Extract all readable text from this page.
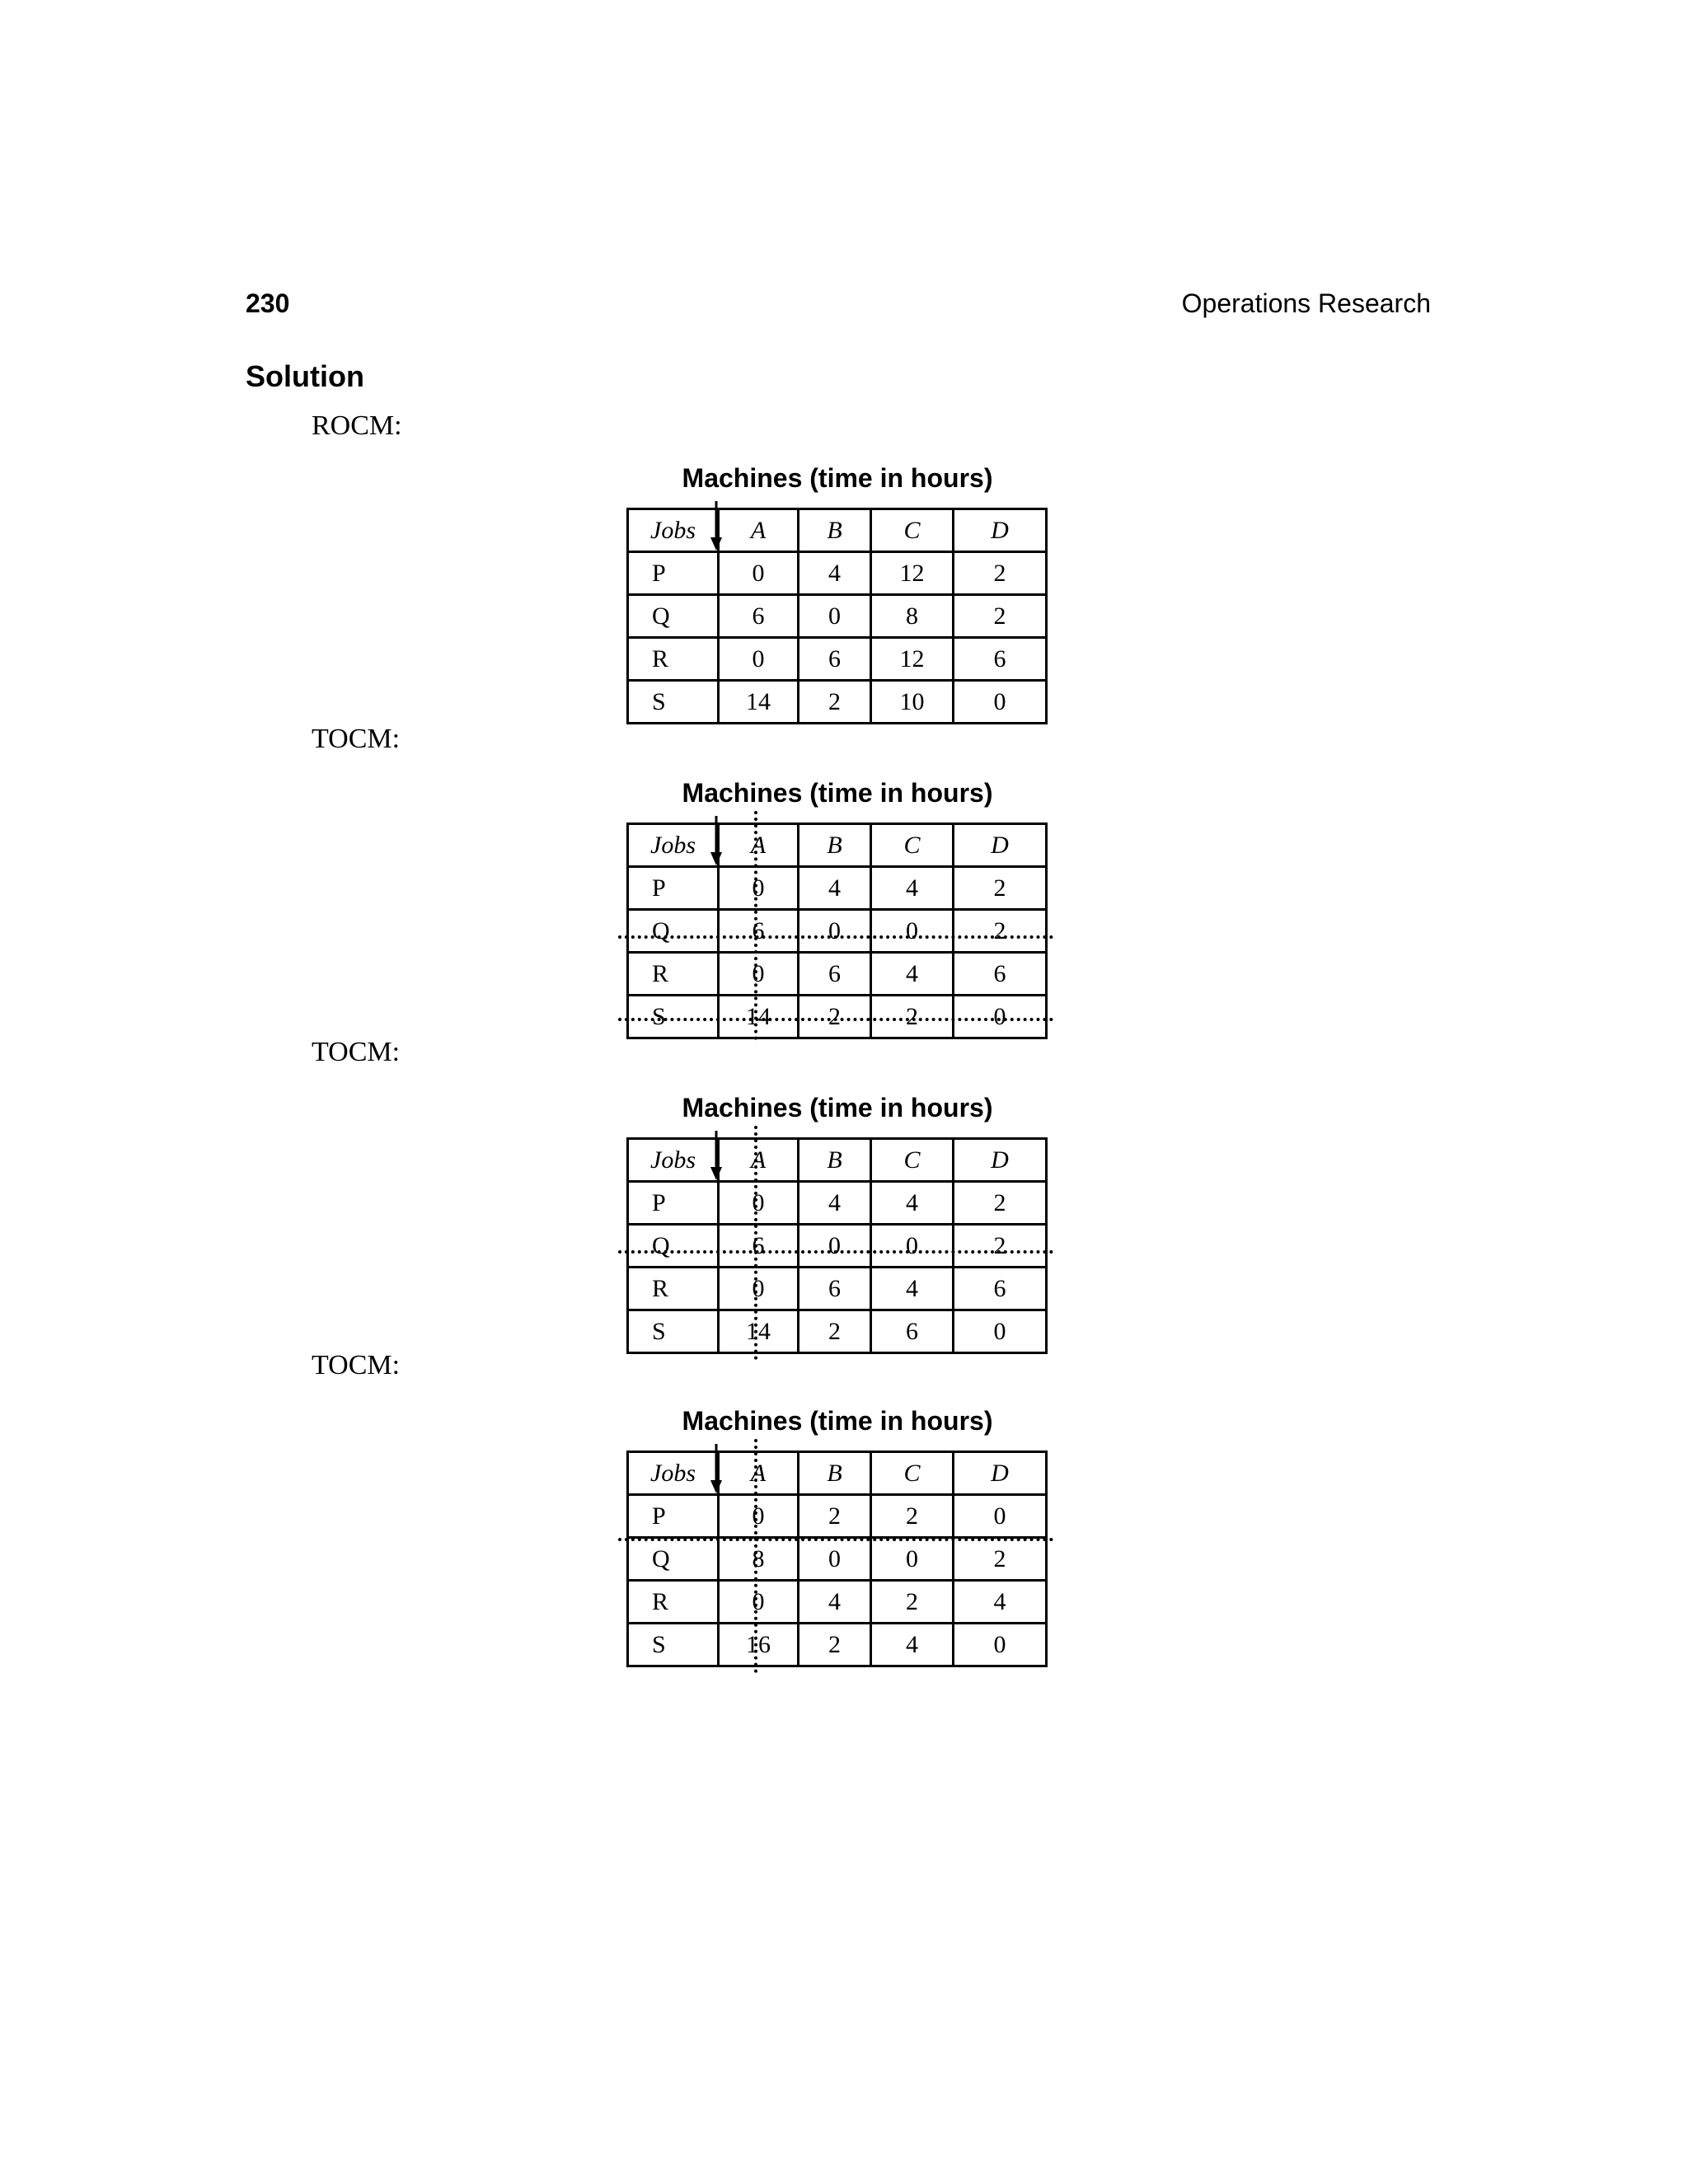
230	Operations Research
Solution
ROCM:
TOCM:
TOCM:
TOCM:
Machines (time in hours)
Jobs	A	B	C	D
P	0	4	12	2
Q	6	0	8	2
R	0	6	12	6
S	14	2	10	0
Machines (time in hours)
Jobs	A	B	C	D
P	0	4	4	2
Q	6	0	0	2
R	0	6	4	6
S	14	2	2	0
Machines (time in hours)
Jobs	A	B	C	D
P	0	4	4	2
Q	6	0	0	2
R	0	6	4	6
S	14	2	6	0
Machines (time in hours)
Jobs	A	B	C	D
P	0	2	2	0
Q	8	0	0	2
R	0	4	2	4
S	16	2	4	0
